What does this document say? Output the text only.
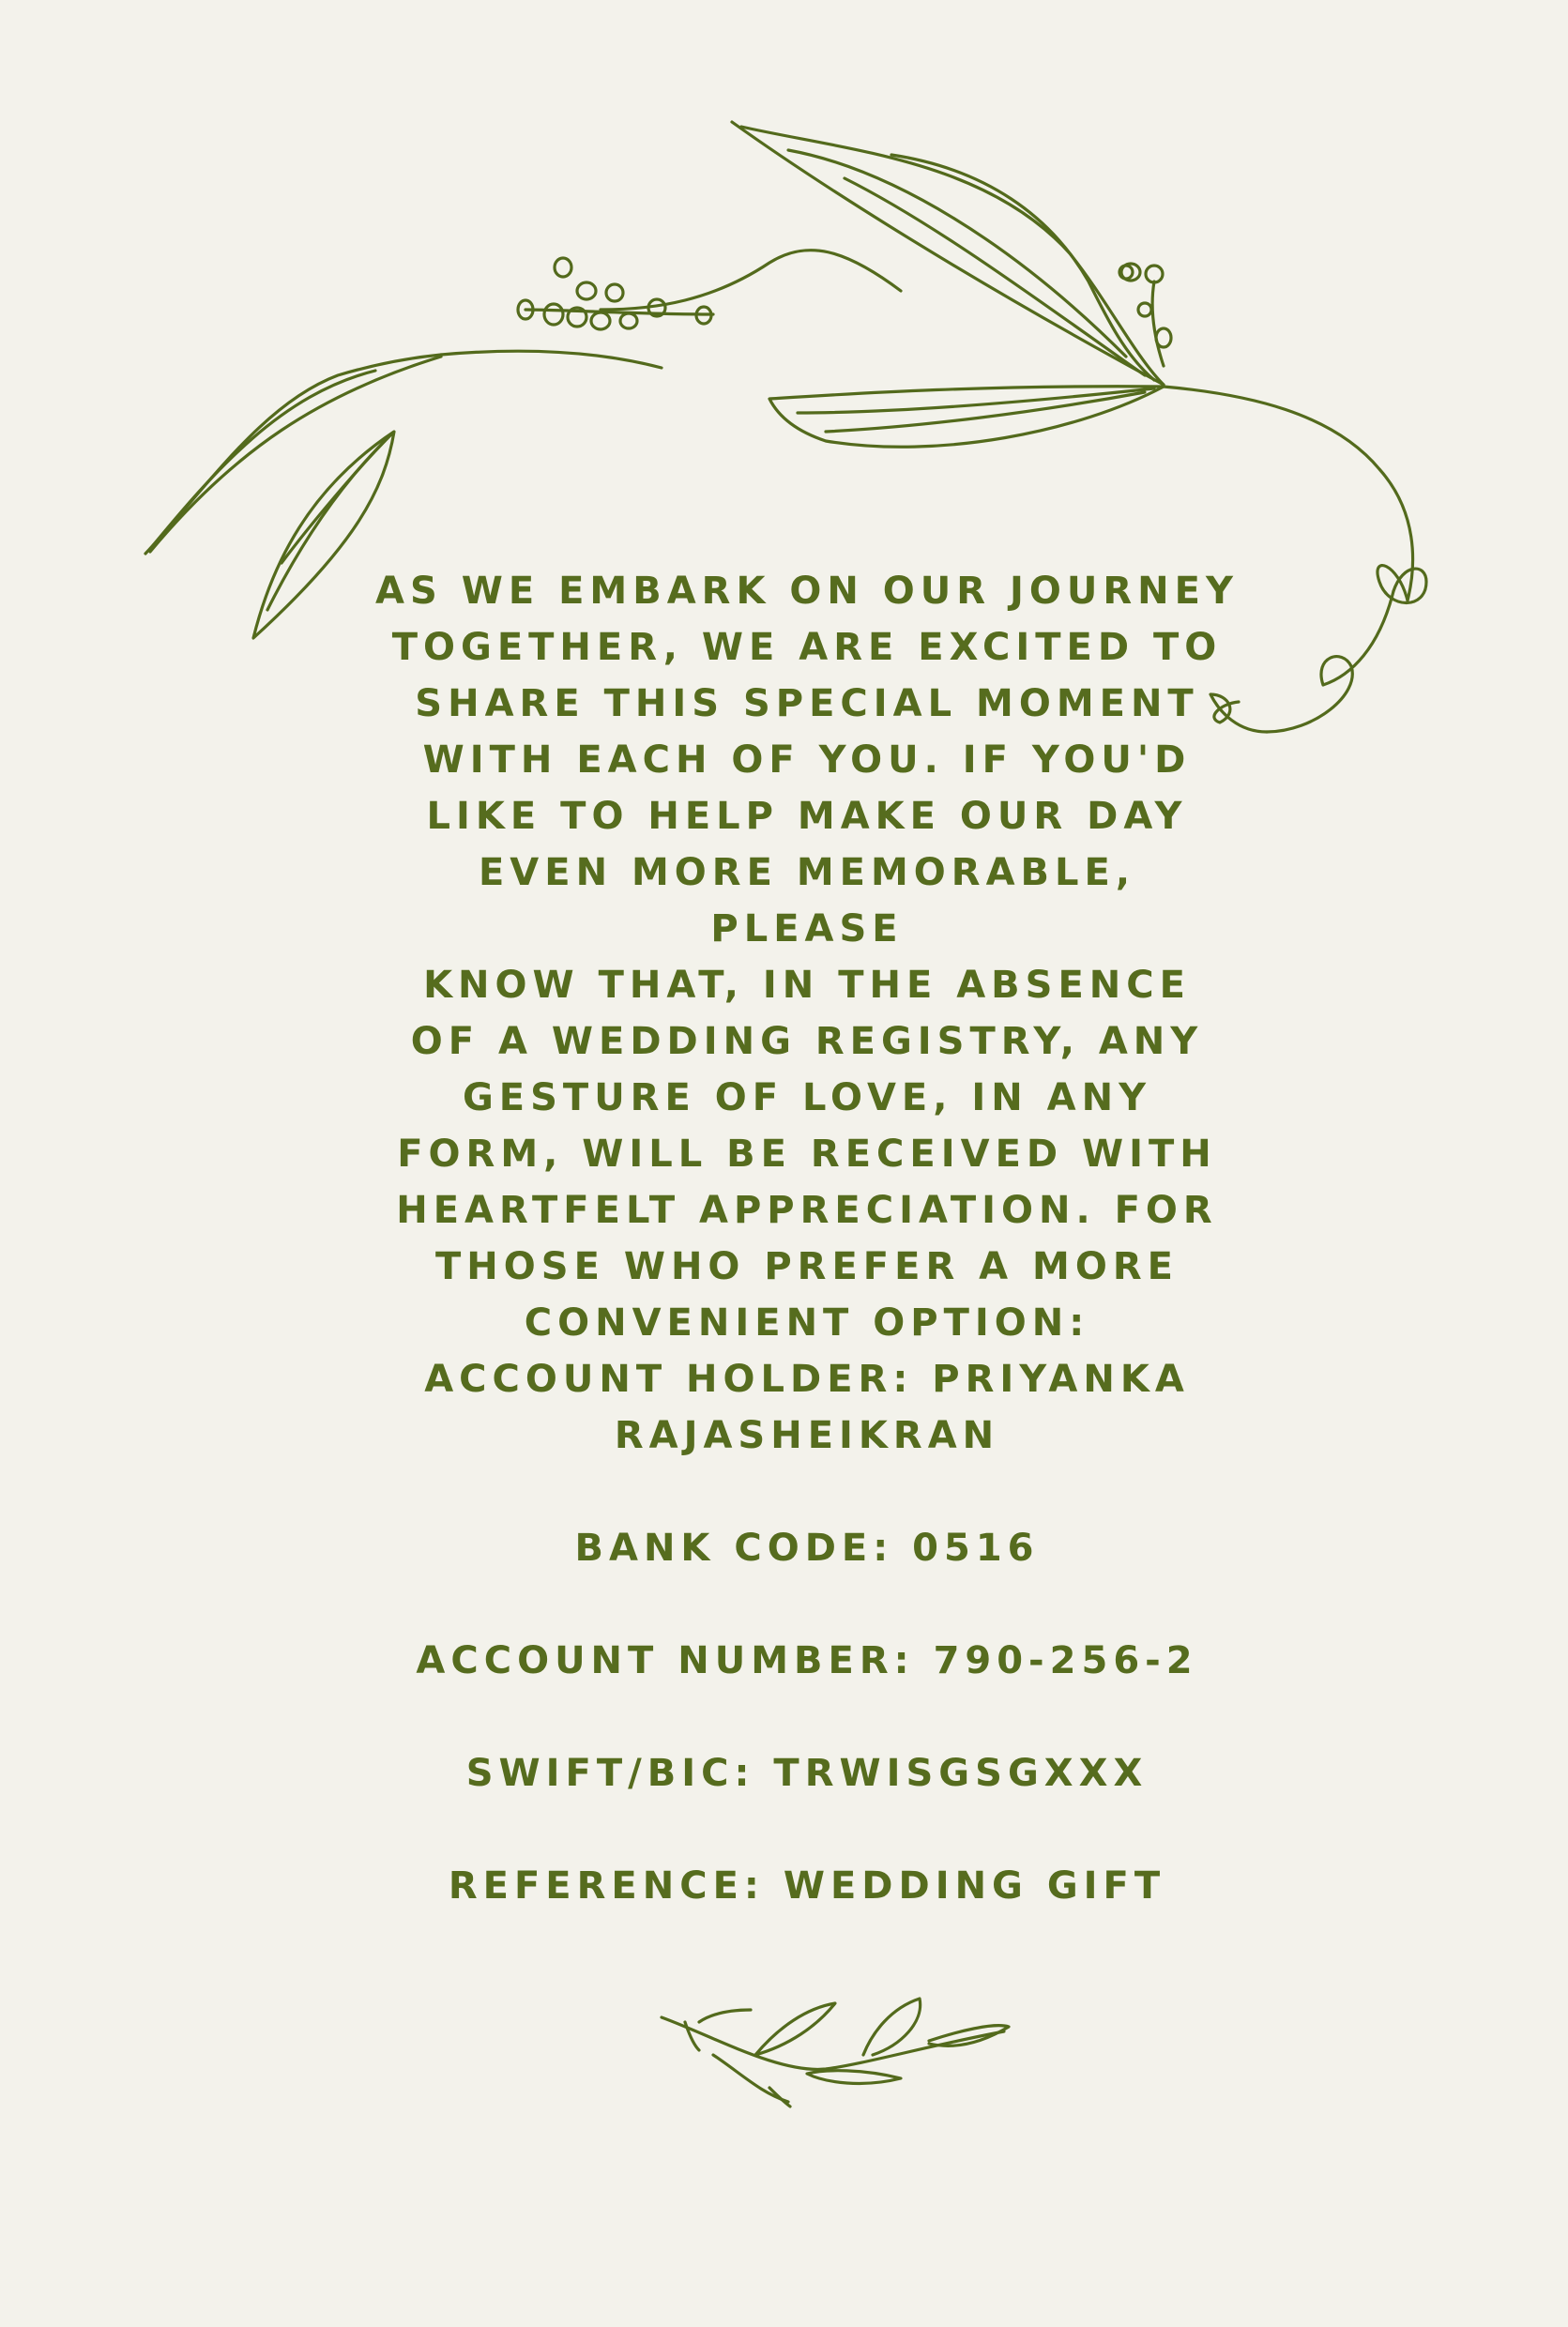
AS WE EMBARK ON OUR JOURNEY
TOGETHER, WE ARE EXCITED TO
SHARE THIS SPECIAL MOMENT
WITH EACH OF YOU. IF YOU'D
LIKE TO HELP MAKE OUR DAY
EVEN MORE MEMORABLE, PLEASE
KNOW THAT, IN THE ABSENCE
OF A WEDDING REGISTRY, ANY
GESTURE OF LOVE, IN ANY
FORM, WILL BE RECEIVED WITH
HEARTFELT APPRECIATION. FOR
THOSE WHO PREFER A MORE
CONVENIENT OPTION:

ACCOUNT HOLDER: PRIYANKA RAJASHEIKRAN

BANK CODE: 0516

ACCOUNT NUMBER: 790-256-2

SWIFT/BIC: TRWISGSGXXX

REFERENCE: WEDDING GIFT
